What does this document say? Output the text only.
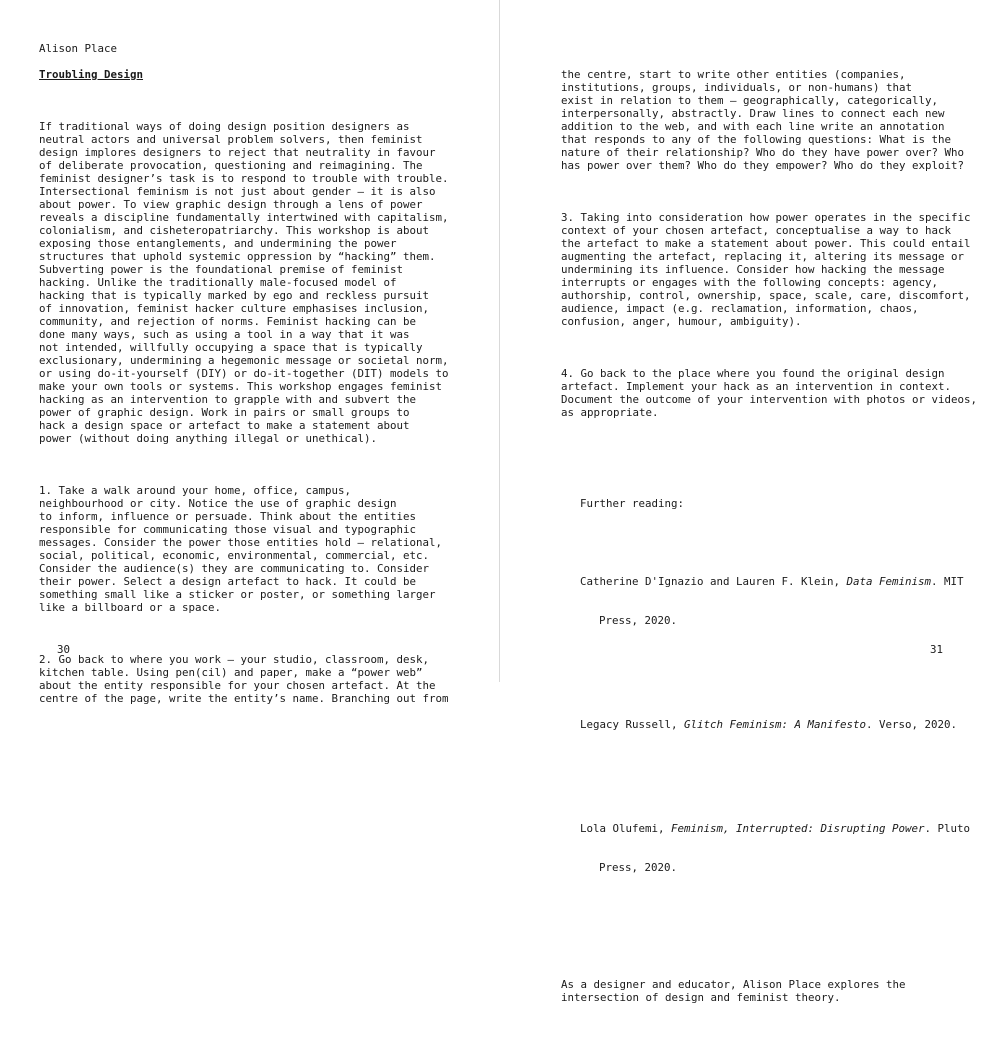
Alison Place
Troubling Design

If traditional ways of doing design position designers as
neutral actors and universal problem solvers, then feminist
design implores designers to reject that neutrality in favour
of deliberate provocation, questioning and reimagining. The
feminist designer’s task is to respond to trouble with trouble.
Intersectional feminism is not just about gender – it is also
about power. To view graphic design through a lens of power
reveals a discipline fundamentally intertwined with capitalism,
colonialism, and cisheteropatriarchy. This workshop is about
exposing those entanglements, and undermining the power
structures that uphold systemic oppression by “hacking” them.
Subverting power is the foundational premise of feminist
hacking. Unlike the traditionally male-focused model of
hacking that is typically marked by ego and reckless pursuit
of innovation, feminist hacker culture emphasises inclusion,
community, and rejection of norms. Feminist hacking can be
done many ways, such as using a tool in a way that it was
not intended, willfully occupying a space that is typically
exclusionary, undermining a hegemonic message or societal norm,
or using do-it-yourself (DIY) or do-it-together (DIT) models to
make your own tools or systems. This workshop engages feminist
hacking as an intervention to grapple with and subvert the
power of graphic design. Work in pairs or small groups to
hack a design space or artefact to make a statement about
power (without doing anything illegal or unethical).

1. Take a walk around your home, office, campus,
neighbourhood or city. Notice the use of graphic design
to inform, influence or persuade. Think about the entities
responsible for communicating those visual and typographic
messages. Consider the power those entities hold – relational,
social, political, economic, environmental, commercial, etc.
Consider the audience(s) they are communicating to. Consider
their power. Select a design artefact to hack. It could be
something small like a sticker or poster, or something larger
like a billboard or a space.

2. Go back to where you work – your studio, classroom, desk,
kitchen table. Using pen(cil) and paper, make a “power web”
about the entity responsible for your chosen artefact. At the
centre of the page, write the entity’s name. Branching out from

30

the centre, start to write other entities (companies,
institutions, groups, individuals, or non-humans) that
exist in relation to them – geographically, categorically,
interpersonally, abstractly. Draw lines to connect each new
addition to the web, and with each line write an annotation
that responds to any of the following questions: What is the
nature of their relationship? Who do they have power over? Who
has power over them? Who do they empower? Who do they exploit?

3. Taking into consideration how power operates in the specific
context of your chosen artefact, conceptualise a way to hack
the artefact to make a statement about power. This could entail
augmenting the artefact, replacing it, altering its message or
undermining its influence. Consider how hacking the message
interrupts or engages with the following concepts: agency,
authorship, control, ownership, space, scale, care, discomfort,
audience, impact (e.g. reclamation, information, chaos,
confusion, anger, humour, ambiguity).

4. Go back to the place where you found the original design
artefact. Implement your hack as an intervention in context.
Document the outcome of your intervention with photos or videos,
as appropriate.

Further reading:

Catherine D'Ignazio and Lauren F. Klein, Data Feminism. MIT

Press, 2020.

Legacy Russell, Glitch Feminism: A Manifesto. Verso, 2020.

Lola Olufemi, Feminism, Interrupted: Disrupting Power. Pluto

Press, 2020.

As a designer and educator, Alison Place explores the
intersection of design and feminist theory.

31
